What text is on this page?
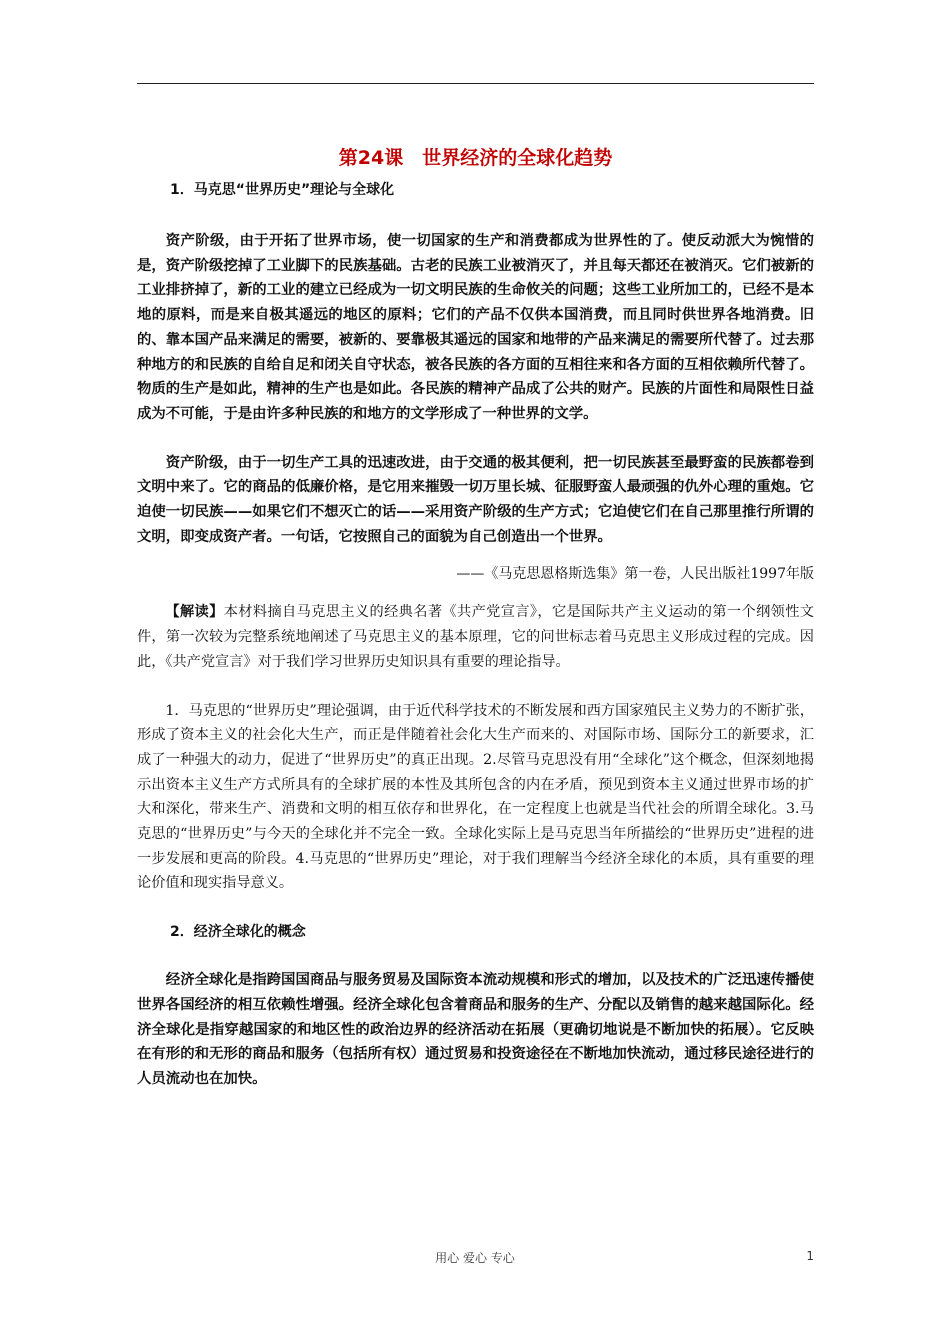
第24课　世界经济的全球化趋势

1．马克思“世界历史”理论与全球化

资产阶级，由于开拓了世界市场，使一切国家的生产和消费都成为世界性的了。使反动派大为惋惜的是，资产阶级挖掉了工业脚下的民族基础。古老的民族工业被消灭了，并且每天都还在被消灭。它们被新的工业排挤掉了，新的工业的建立已经成为一切文明民族的生命攸关的问题；这些工业所加工的，已经不是本地的原料，而是来自极其遥远的地区的原料；它们的产品不仅供本国消费，而且同时供世界各地消费。旧的、靠本国产品来满足的需要，被新的、要靠极其遥远的国家和地带的产品来满足的需要所代替了。过去那种地方的和民族的自给自足和闭关自守状态，被各民族的各方面的互相往来和各方面的互相依赖所代替了。物质的生产是如此，精神的生产也是如此。各民族的精神产品成了公共的财产。民族的片面性和局限性日益成为不可能，于是由许多种民族的和地方的文学形成了一种世界的文学。

资产阶级，由于一切生产工具的迅速改进，由于交通的极其便利，把一切民族甚至最野蛮的民族都卷到文明中来了。它的商品的低廉价格，是它用来摧毁一切万里长城、征服野蛮人最顽强的仇外心理的重炮。它迫使一切民族——如果它们不想灭亡的话——采用资产阶级的生产方式；它迫使它们在自己那里推行所谓的文明，即变成资产者。一句话，它按照自己的面貌为自己创造出一个世界。

——《马克思恩格斯选集》第一卷，人民出版社1997年版

【解读】本材料摘自马克思主义的经典名著《共产党宣言》，它是国际共产主义运动的第一个纲领性文件，第一次较为完整系统地阐述了马克思主义的基本原理，它的问世标志着马克思主义形成过程的完成。因此，《共产党宣言》对于我们学习世界历史知识具有重要的理论指导。

1．马克思的“世界历史”理论强调，由于近代科学技术的不断发展和西方国家殖民主义势力的不断扩张，形成了资本主义的社会化大生产，而正是伴随着社会化大生产而来的、对国际市场、国际分工的新要求，汇成了一种强大的动力，促进了“世界历史”的真正出现。2.尽管马克思没有用“全球化”这个概念，但深刻地揭示出资本主义生产方式所具有的全球扩展的本性及其所包含的内在矛盾，预见到资本主义通过世界市场的扩大和深化，带来生产、消费和文明的相互依存和世界化，在一定程度上也就是当代社会的所谓全球化。3.马克思的“世界历史”与今天的全球化并不完全一致。全球化实际上是马克思当年所描绘的“世界历史”进程的进一步发展和更高的阶段。4.马克思的“世界历史”理论，对于我们理解当今经济全球化的本质，具有重要的理论价值和现实指导意义。

2．经济全球化的概念

经济全球化是指跨国国商品与服务贸易及国际资本流动规模和形式的增加，以及技术的广泛迅速传播使世界各国经济的相互依赖性增强。经济全球化包含着商品和服务的生产、分配以及销售的越来越国际化。经济全球化是指穿越国家的和地区性的政治边界的经济活动在拓展（更确切地说是不断加快的拓展）。它反映在有形的和无形的商品和服务（包括所有权）通过贸易和投资途径在不断地加快流动，通过移民途径进行的人员流动也在加快。

用心 爱心 专心	1
